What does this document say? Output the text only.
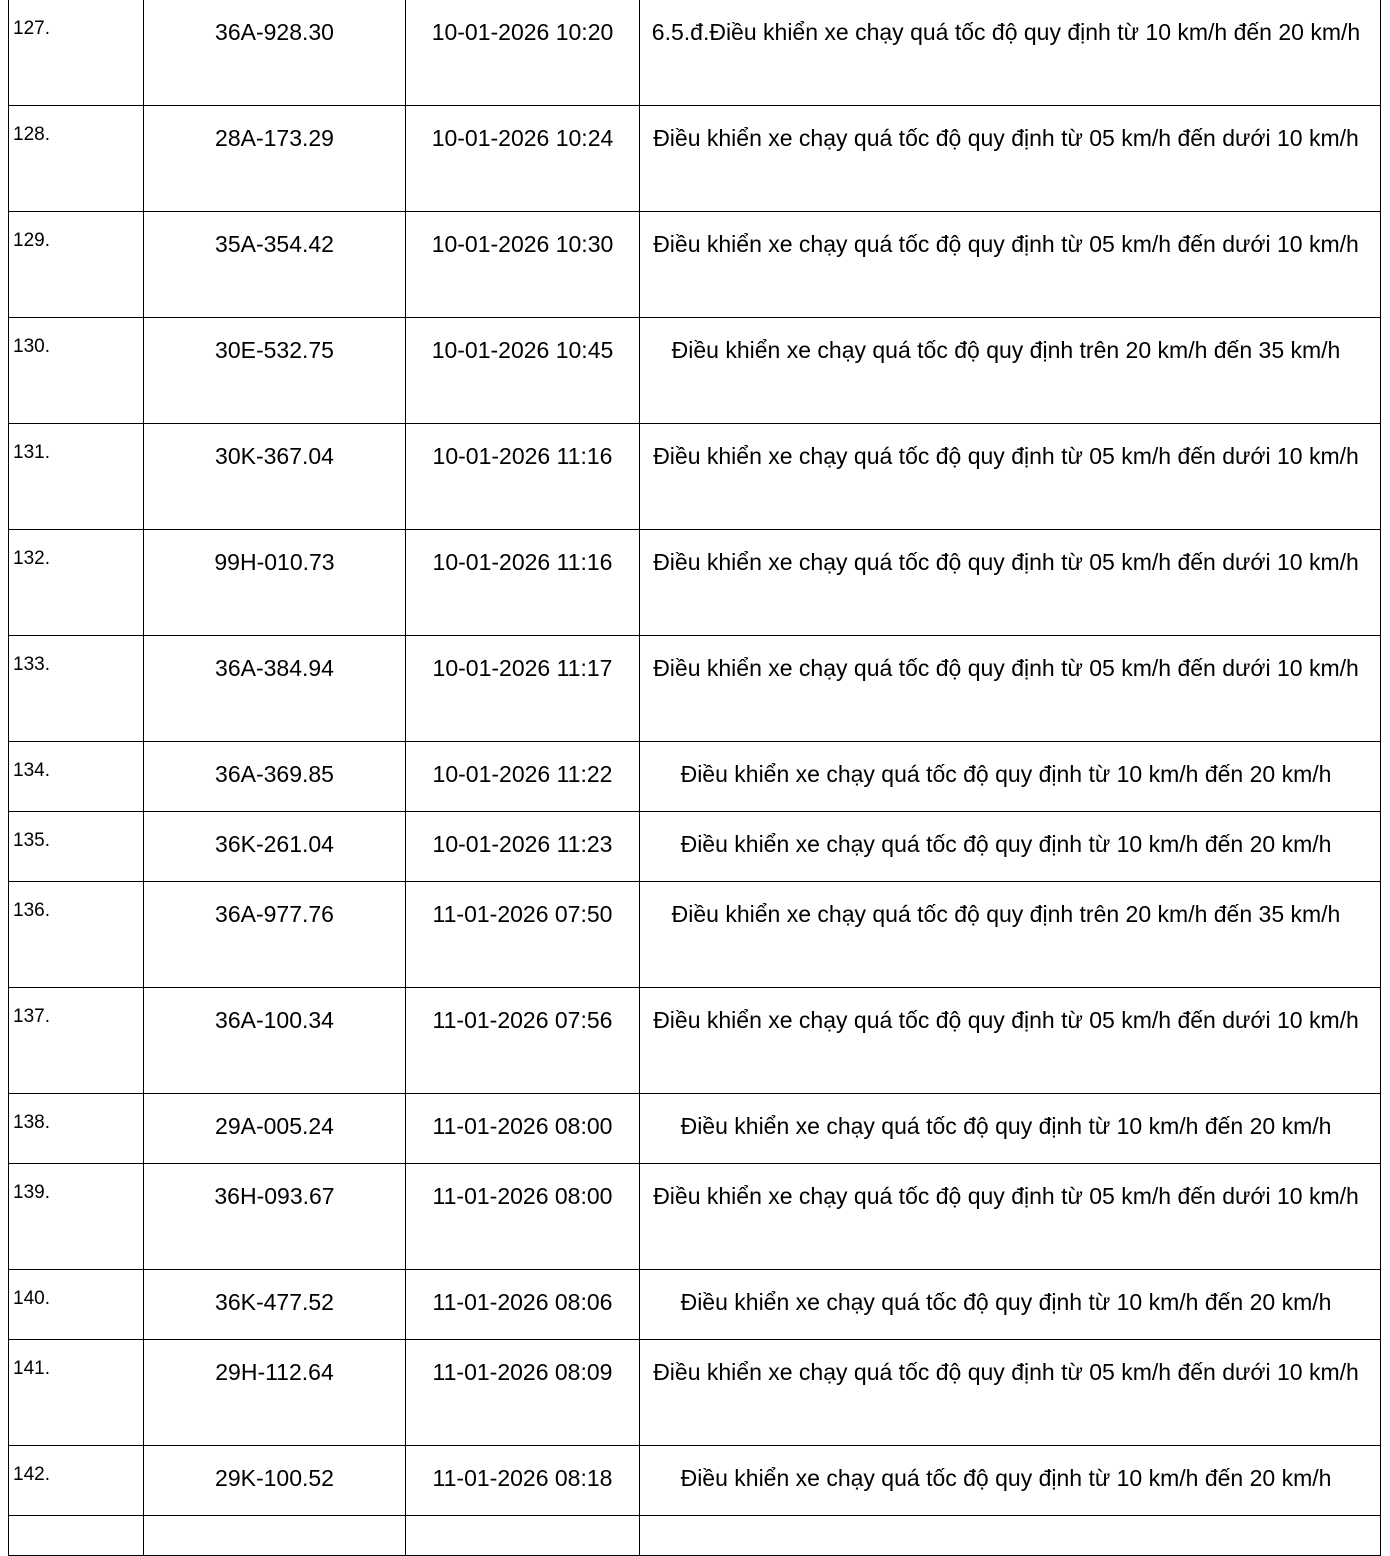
127.	36A-928.30	10-01-2026 10:20	6.5.đ.Điều khiển xe chạy quá tốc độ quy định từ 10 km/h đến 20 km/h
128.	28A-173.29	10-01-2026 10:24	Điều khiển xe chạy quá tốc độ quy định từ 05 km/h đến dưới 10 km/h
129.	35A-354.42	10-01-2026 10:30	Điều khiển xe chạy quá tốc độ quy định từ 05 km/h đến dưới 10 km/h
130.	30E-532.75	10-01-2026 10:45	Điều khiển xe chạy quá tốc độ quy định trên 20 km/h đến 35 km/h
131.	30K-367.04	10-01-2026 11:16	Điều khiển xe chạy quá tốc độ quy định từ 05 km/h đến dưới 10 km/h
132.	99H-010.73	10-01-2026 11:16	Điều khiển xe chạy quá tốc độ quy định từ 05 km/h đến dưới 10 km/h
133.	36A-384.94	10-01-2026 11:17	Điều khiển xe chạy quá tốc độ quy định từ 05 km/h đến dưới 10 km/h
134.	36A-369.85	10-01-2026 11:22	Điều khiển xe chạy quá tốc độ quy định từ 10 km/h đến 20 km/h
135.	36K-261.04	10-01-2026 11:23	Điều khiển xe chạy quá tốc độ quy định từ 10 km/h đến 20 km/h
136.	36A-977.76	11-01-2026 07:50	Điều khiển xe chạy quá tốc độ quy định trên 20 km/h đến 35 km/h
137.	36A-100.34	11-01-2026 07:56	Điều khiển xe chạy quá tốc độ quy định từ 05 km/h đến dưới 10 km/h
138.	29A-005.24	11-01-2026 08:00	Điều khiển xe chạy quá tốc độ quy định từ 10 km/h đến 20 km/h
139.	36H-093.67	11-01-2026 08:00	Điều khiển xe chạy quá tốc độ quy định từ 05 km/h đến dưới 10 km/h
140.	36K-477.52	11-01-2026 08:06	Điều khiển xe chạy quá tốc độ quy định từ 10 km/h đến 20 km/h
141.	29H-112.64	11-01-2026 08:09	Điều khiển xe chạy quá tốc độ quy định từ 05 km/h đến dưới 10 km/h
142.	29K-100.52	11-01-2026 08:18	Điều khiển xe chạy quá tốc độ quy định từ 10 km/h đến 20 km/h
